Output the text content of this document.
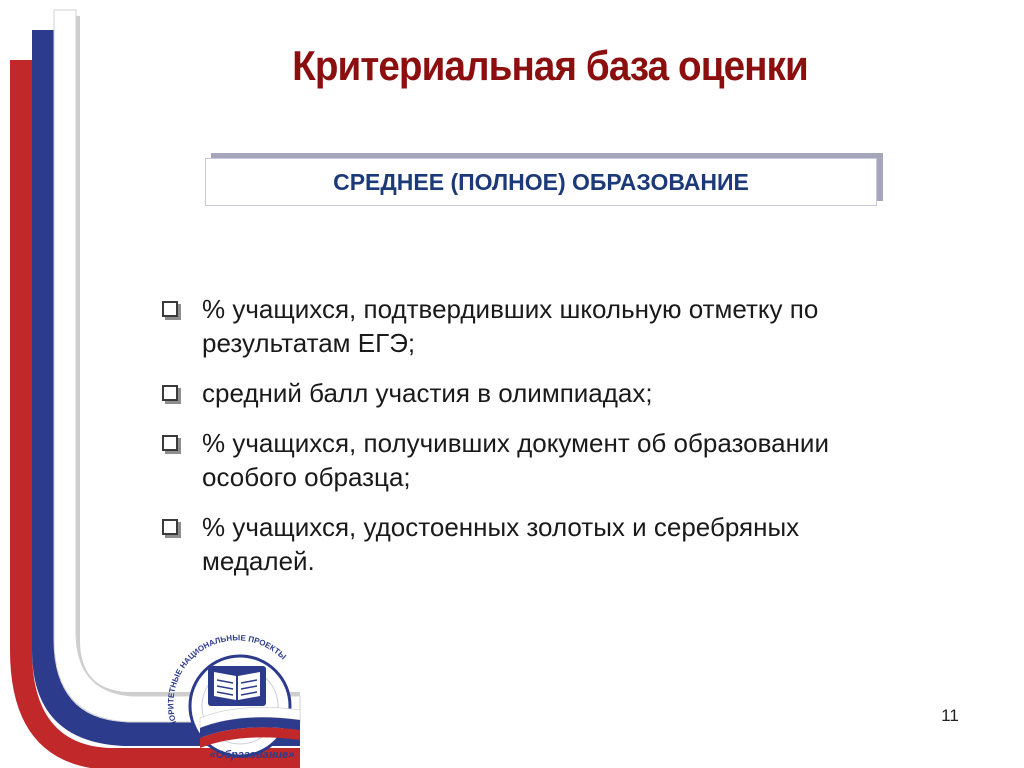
Критериальная база оценки
СРЕДНЕЕ (ПОЛНОЕ) ОБРАЗОВАНИЕ
% учащихся, подтвердивших школьную отметку по результатам ЕГЭ;
средний балл участия в олимпиадах;
% учащихся, получивших документ об образовании особого образца;
% учащихся, удостоенных золотых и серебряных медалей.
ПРИОРИТЕТНЫЕ НАЦИОНАЛЬНЫЕ ПРОЕКТЫ
«Образование»
11
